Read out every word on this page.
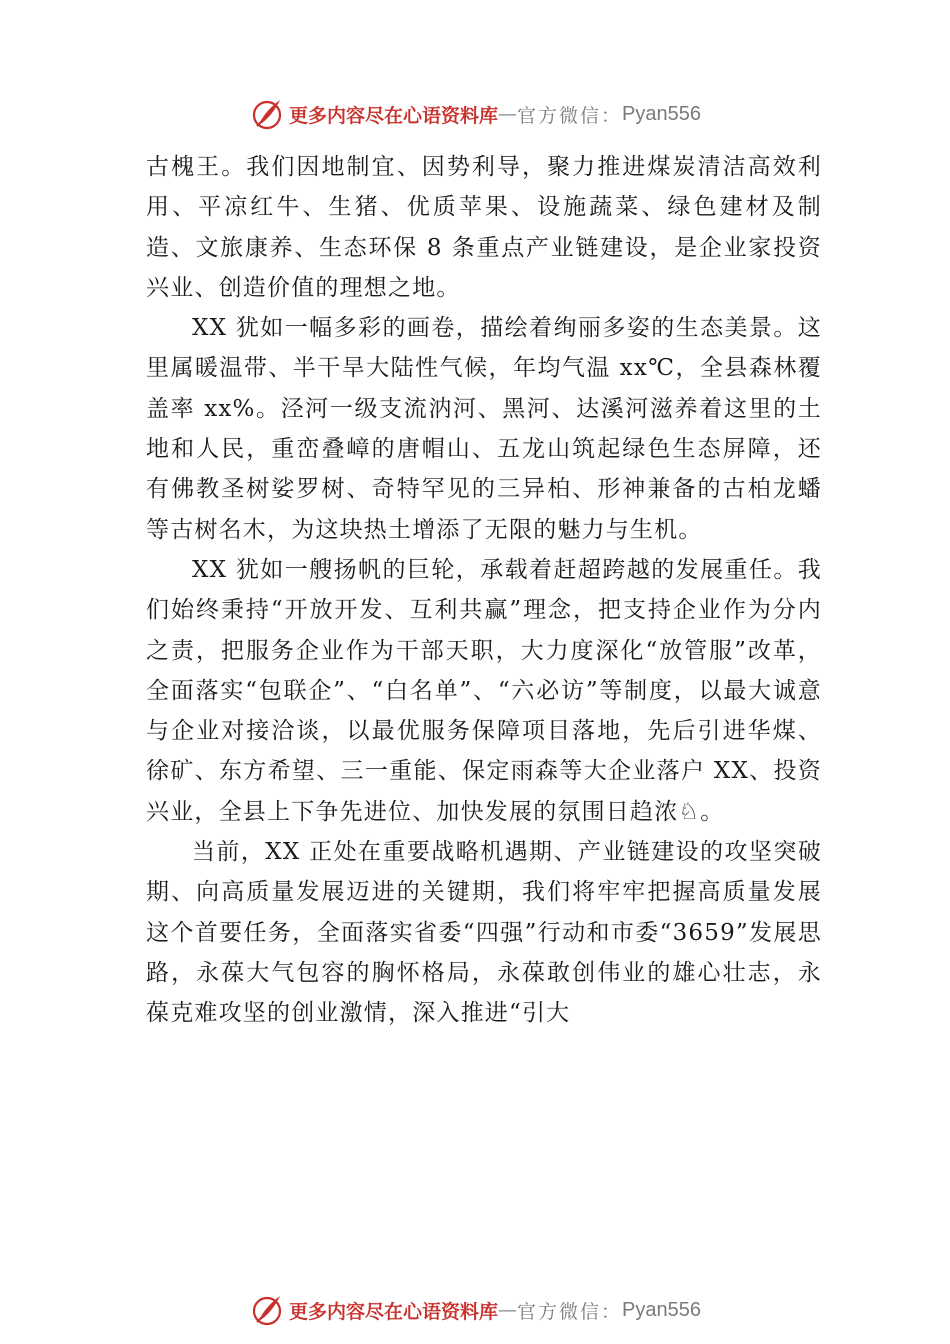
更多内容尽在心语资料库 — 官方微信： Pyan556

古槐王。我们因地制宜、因势利导，聚力推进煤炭清洁高效利用、平凉红牛、生猪、优质苹果、设施蔬菜、绿色建材及制造、文旅康养、生态环保 8 条重点产业链建设，是企业家投资兴业、创造价值的理想之地。

XX 犹如一幅多彩的画卷，描绘着绚丽多姿的生态美景。这里属暖温带、半干旱大陆性气候，年均气温 xx℃，全县森林覆盖率 xx%。泾河一级支流汭河、黑河、达溪河滋养着这里的土地和人民，重峦叠嶂的唐帽山、五龙山筑起绿色生态屏障，还有佛教圣树娑罗树、奇特罕见的三异柏、形神兼备的古柏龙蟠等古树名木，为这块热土增添了无限的魅力与生机。

XX 犹如一艘扬帆的巨轮，承载着赶超跨越的发展重任。我们始终秉持“开放开发、互利共赢”理念，把支持企业作为分内之责，把服务企业作为干部天职，大力度深化“放管服”改革，全面落实“包联企”、“白名单”、“六必访”等制度，以最大诚意与企业对接洽谈，以最优服务保障项目落地，先后引进华煤、徐矿、东方希望、三一重能、保定雨森等大企业落户 XX、投资兴业，全县上下争先进位、加快发展的氛围日趋浓♘。

当前，XX 正处在重要战略机遇期、产业链建设的攻坚突破期、向高质量发展迈进的关键期，我们将牢牢把握高质量发展这个首要任务，全面落实省委“四强”行动和市委“3659”发展思路，永葆大气包容的胸怀格局，永葆敢创伟业的雄心壮志，永葆克难攻坚的创业激情，深入推进“引大

更多内容尽在心语资料库 — 官方微信： Pyan556
